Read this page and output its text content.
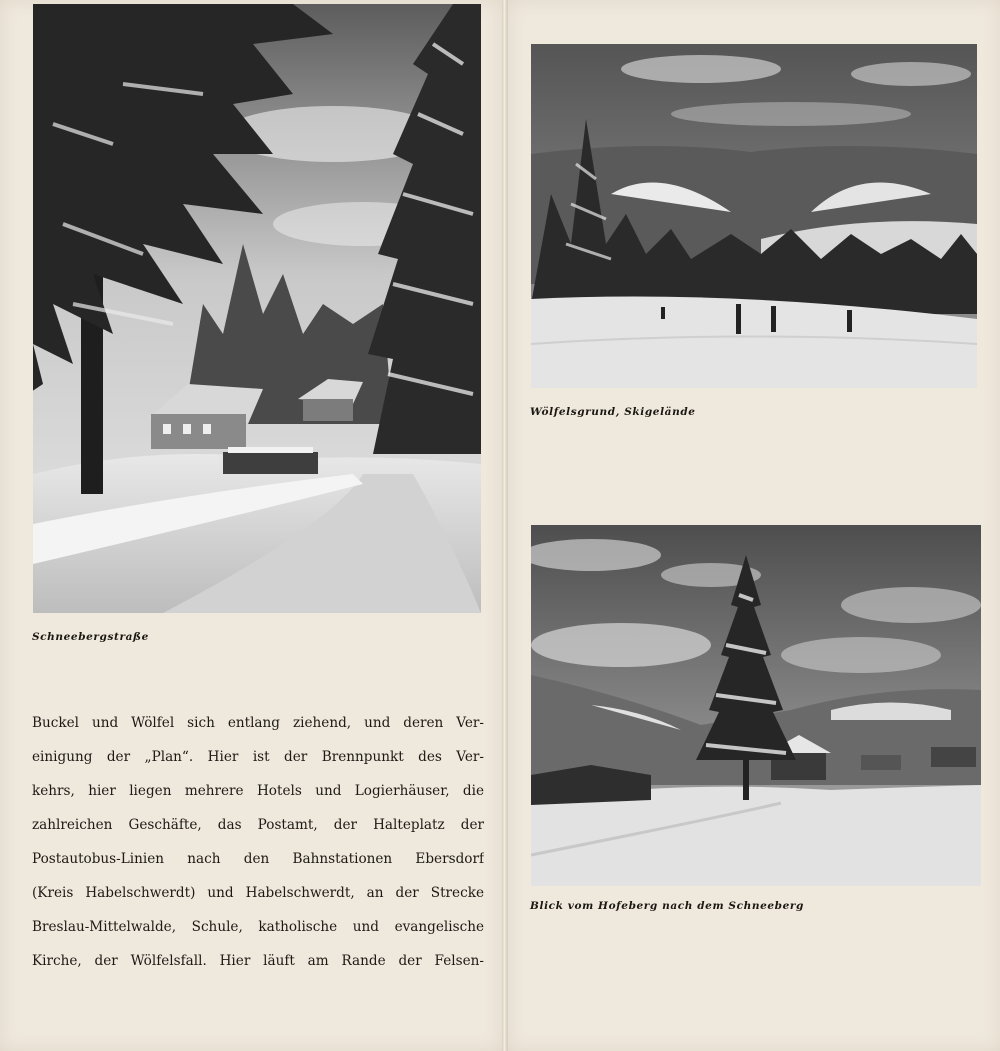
Schneebergstraße

Buckel und Wölfel sich entlang ziehend, und deren Ver-
einigung der „Plan“. Hier ist der Brennpunkt des Ver-
kehrs, hier liegen mehrere Hotels und Logierhäuser, die
zahlreichen Geschäfte, das Postamt, der Halteplatz der
Postautobus-Linien nach den Bahnstationen Ebersdorf
(Kreis Habelschwerdt) und Habelschwerdt, an der Strecke
Breslau-Mittelwalde, Schule, katholische und evangelische
Kirche, der Wölfelsfall. Hier läuft am Rande der Felsen-

Wölfelsgrund, Skigelände

Blick vom Hofeberg nach dem Schneeberg
